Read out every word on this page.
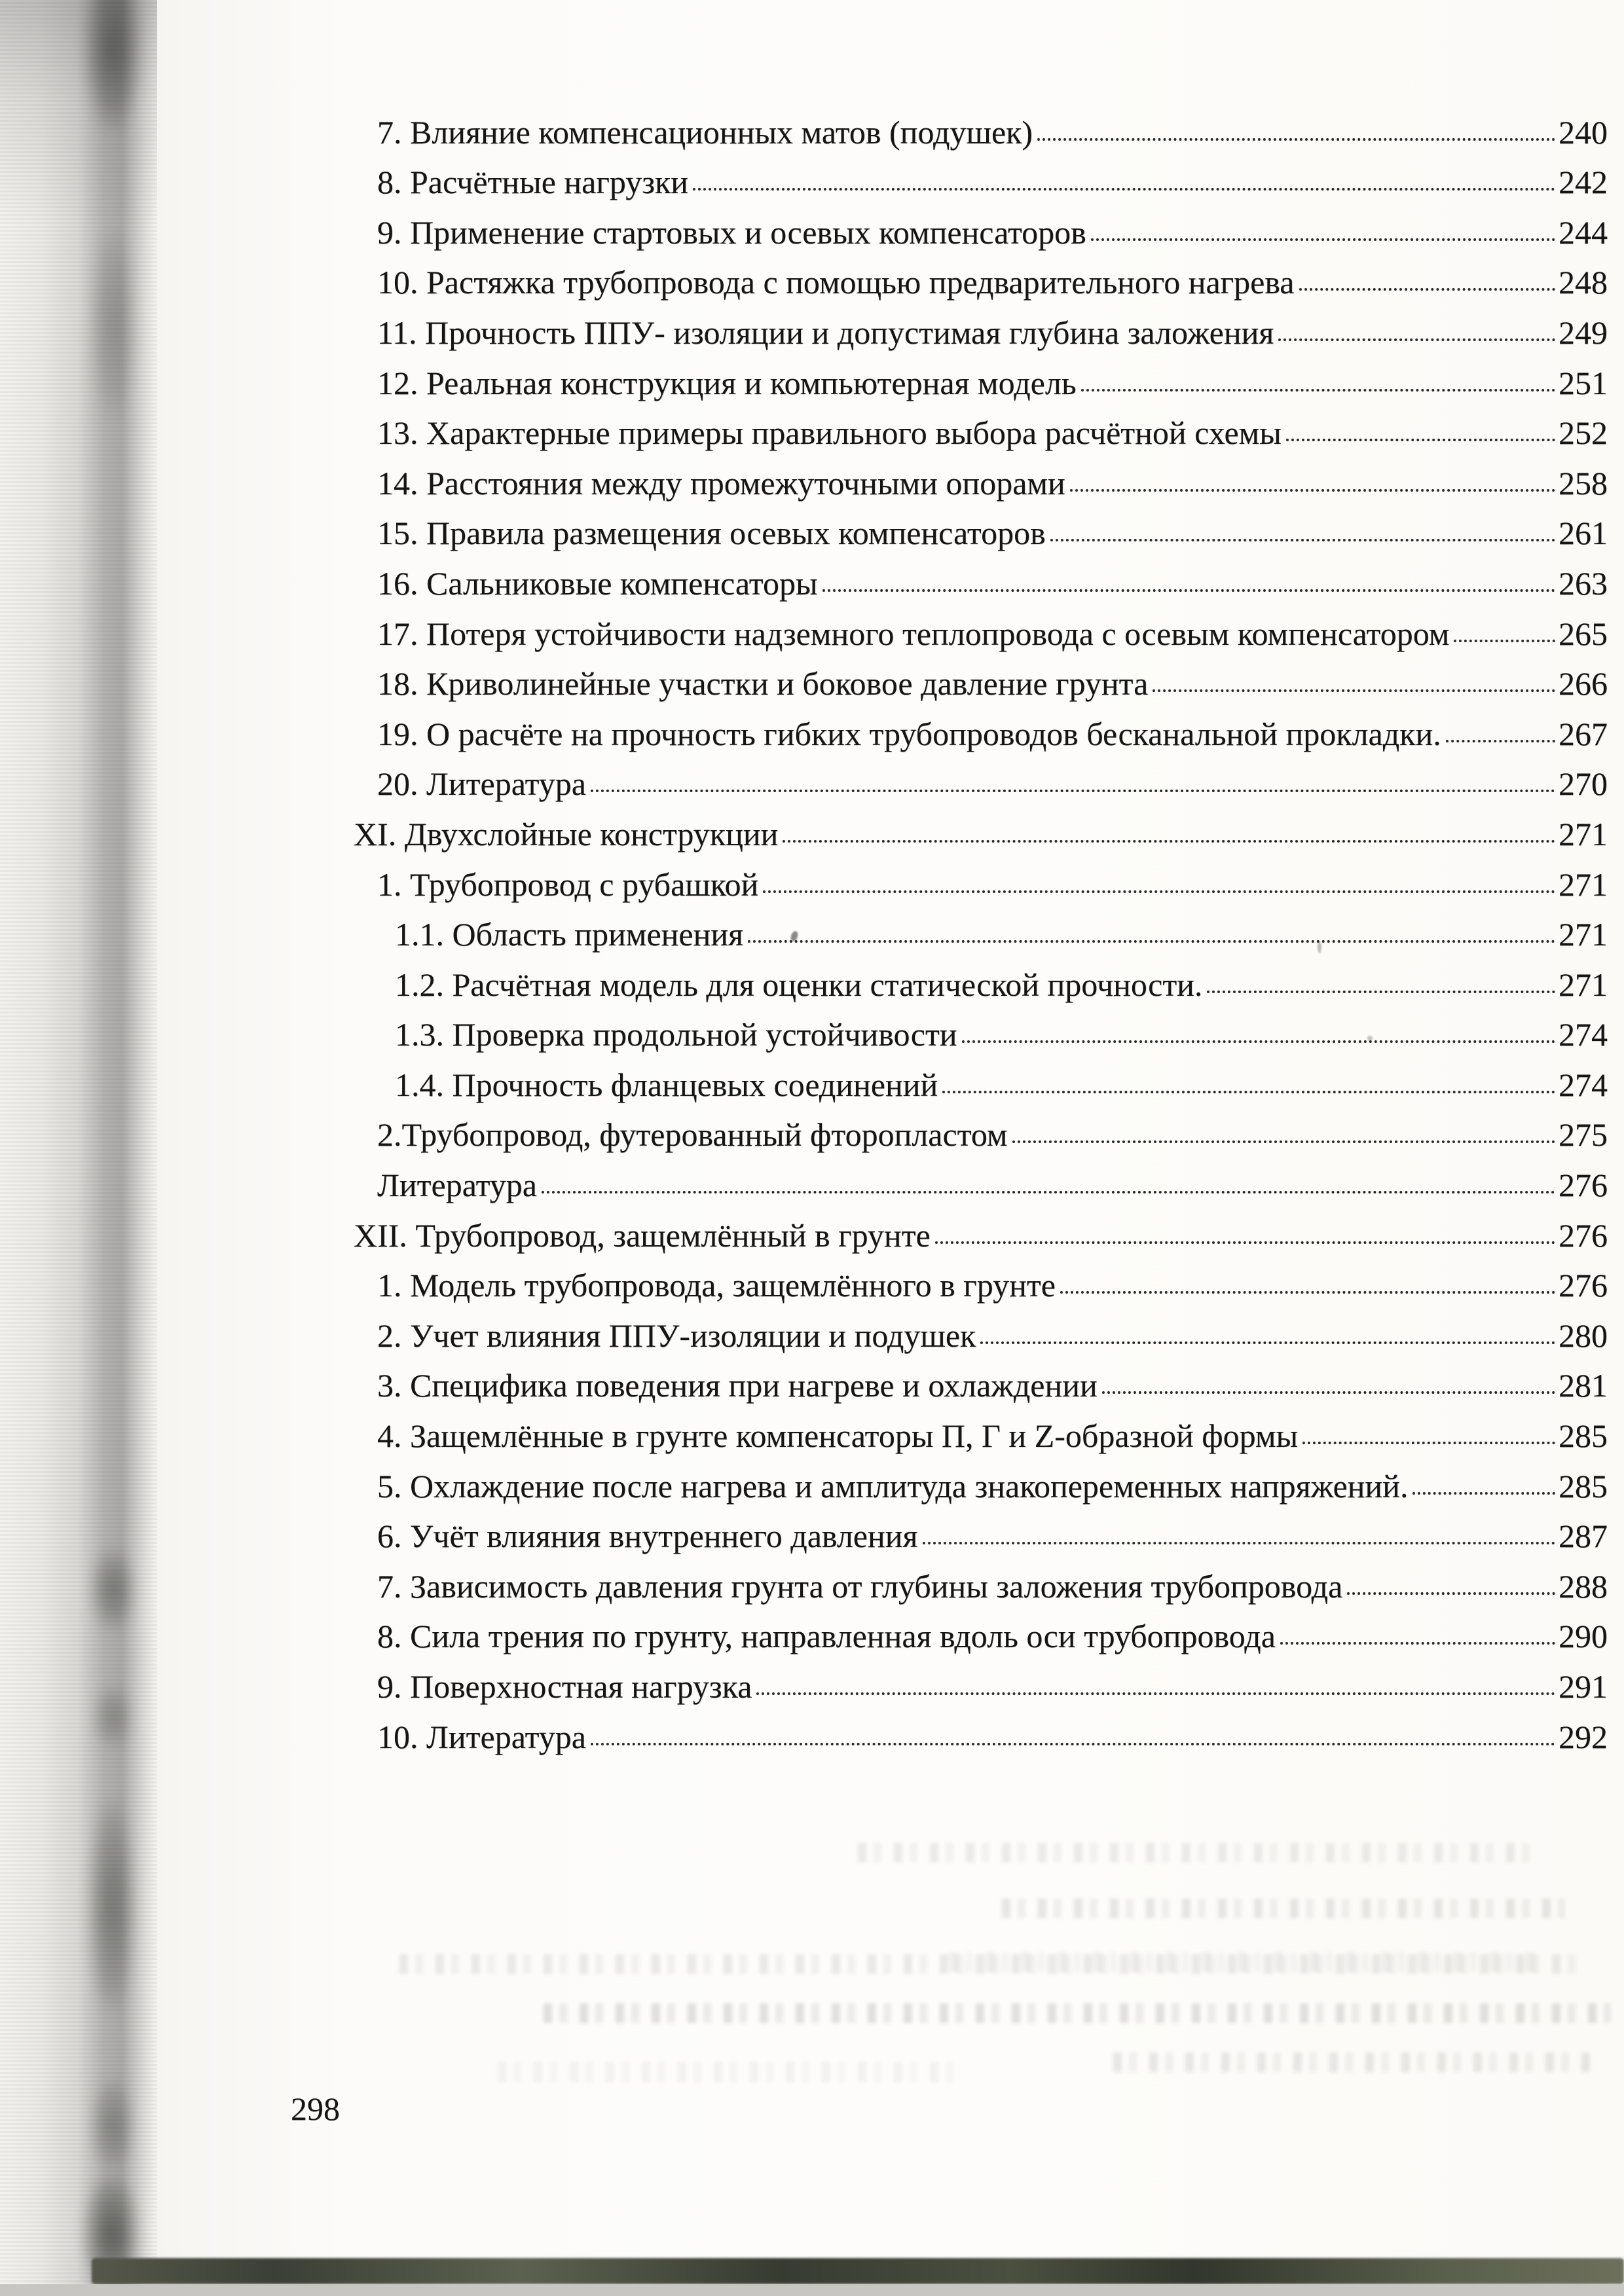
7. Влияние компенсационных матов (подушек)	240
8. Расчётные нагрузки	242
9. Применение стартовых и осевых компенсаторов	244
10. Растяжка трубопровода с помощью предварительного нагрева	248
11. Прочность ППУ- изоляции и допустимая глубина заложения	249
12. Реальная конструкция и компьютерная модель	251
13. Характерные примеры правильного выбора расчётной схемы	252
14. Расстояния между промежуточными опорами	258
15. Правила размещения осевых компенсаторов	261
16. Сальниковые компенсаторы	263
17. Потеря устойчивости надземного теплопровода с осевым компенсатором	265
18. Криволинейные участки и боковое давление грунта	266
19. О расчёте на прочность гибких трубопроводов бесканальной прокладки.	267
20. Литература	270
XI. Двухслойные конструкции	271
1. Трубопровод с рубашкой	271
1.1. Область применения	271
1.2. Расчётная модель для оценки статической прочности.	271
1.3. Проверка продольной устойчивости	274
1.4. Прочность фланцевых соединений	274
2.Трубопровод, футерованный фторопластом	275
Литература	276
XII. Трубопровод, защемлённый в грунте	276
1. Модель трубопровода, защемлённого в грунте	276
2. Учет влияния ППУ-изоляции и подушек	280
3. Специфика поведения при нагреве и охлаждении	281
4. Защемлённые в грунте компенсаторы П, Г и Z-образной формы	285
5. Охлаждение после нагрева и амплитуда знакопеременных напряжений.	285
6. Учёт влияния внутреннего давления	287
7. Зависимость давления грунта от глубины заложения трубопровода	288
8. Сила трения по грунту, направленная вдоль оси трубопровода	290
9. Поверхностная нагрузка	291
10. Литература	292
298
